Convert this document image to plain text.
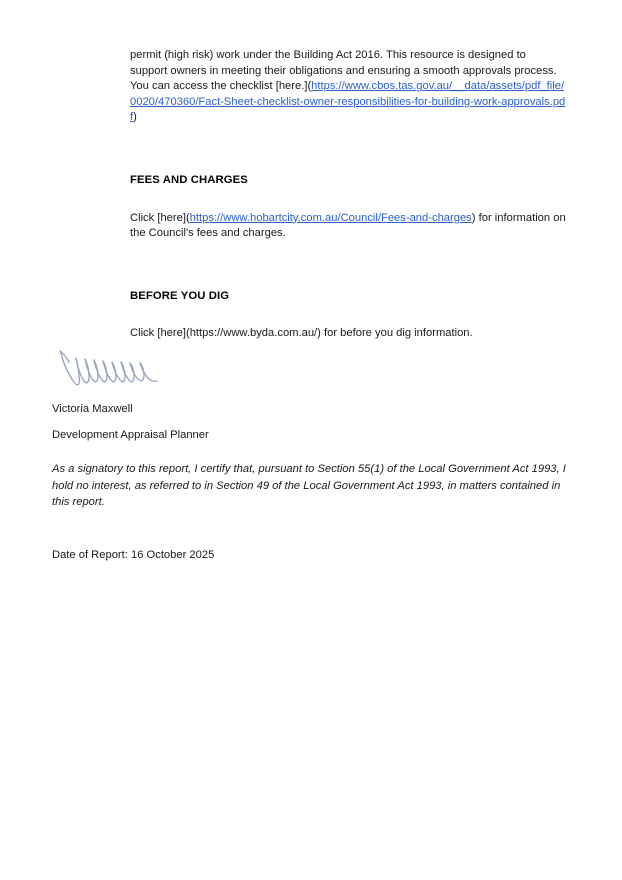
permit (high risk) work under the Building Act 2016. This resource is designed to support owners in meeting their obligations and ensuring a smooth approvals process. You can access the checklist [here.](https://www.cbos.tas.gov.au/__data/assets/pdf_file/0020/470360/Fact-Sheet-checklist-owner-responsibilities-for-building-work-approvals.pdf)

FEES AND CHARGES

Click [here](https://www.hobartcity.com.au/Council/Fees-and-charges) for information on the Council's fees and charges.

BEFORE YOU DIG

Click [here](https://www.byda.com.au/) for before you dig information.

Victoria Maxwell

Development Appraisal Planner

As a signatory to this report, I certify that, pursuant to Section 55(1) of the Local Government Act 1993, I hold no interest, as referred to in Section 49 of the Local Government Act 1993, in matters contained in this report.

Date of Report: 16 October 2025
